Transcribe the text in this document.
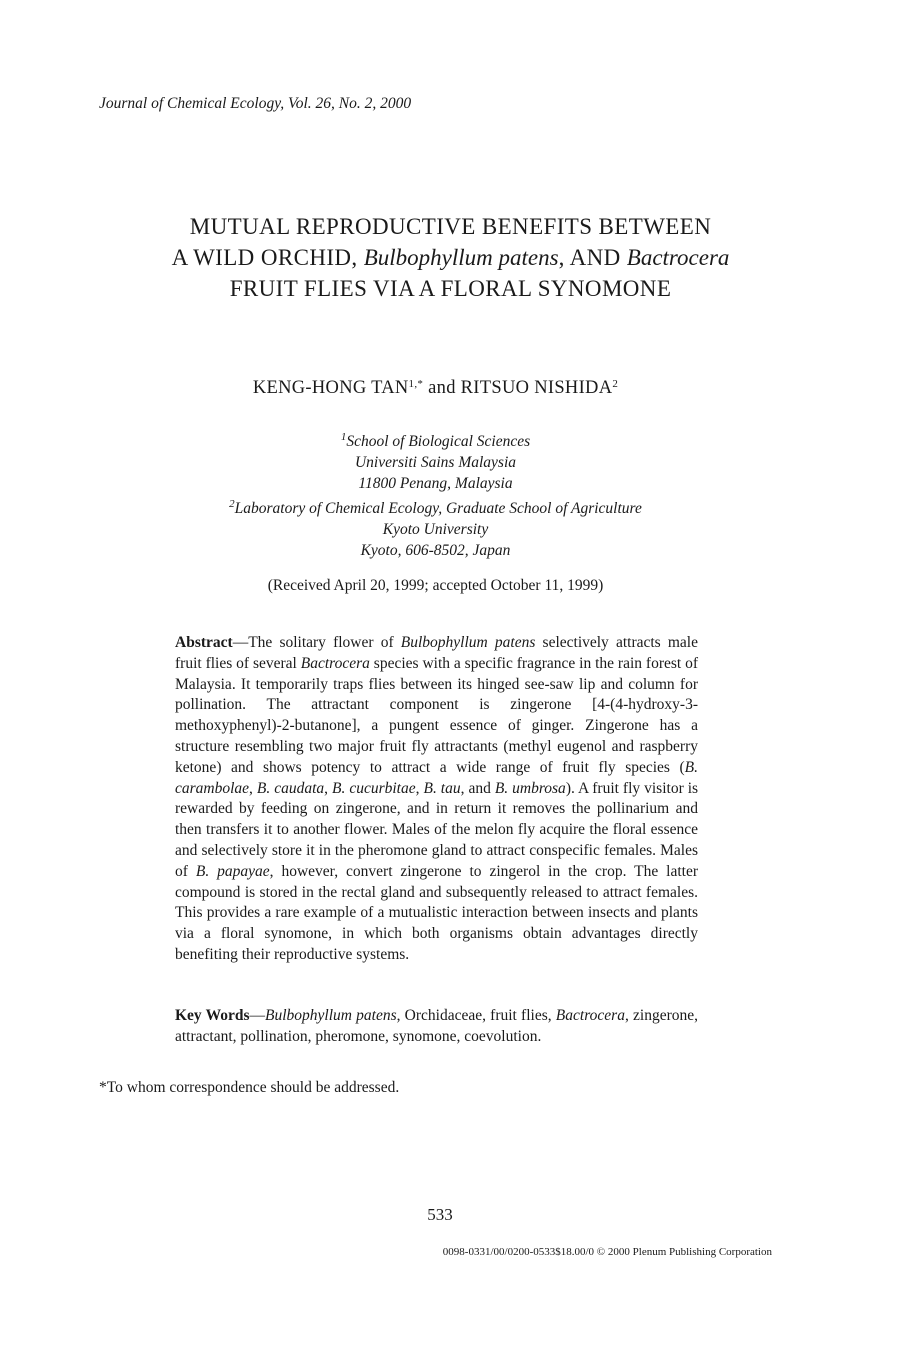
Journal of Chemical Ecology, Vol. 26, No. 2, 2000

MUTUAL REPRODUCTIVE BENEFITS BETWEEN
A WILD ORCHID, Bulbophyllum patens, AND Bactrocera
FRUIT FLIES VIA A FLORAL SYNOMONE

KENG-HONG $TAN^{1,*}$ and RITSUO NISHIDA$^2$

$^1$School of Biological Sciences
Universiti Sains Malaysia
11800 Penang, Malaysia
$^2$Laboratory of Chemical Ecology, Graduate School of Agriculture
Kyoto University
Kyoto, 606-8502, Japan

(Received April 20, 1999; accepted October 11, 1999)

Abstract—The solitary flower of Bulbophyllum patens selectively attracts male fruit flies of several Bactrocera species with a specific fragrance in the rain forest of Malaysia. It temporarily traps flies between its hinged see-saw lip and column for pollination. The attractant component is zingerone [4-(4-hydroxy-3-methoxyphenyl)-2-butanone], a pungent essence of ginger. Zingerone has a structure resembling two major fruit fly attractants (methyl eugenol and raspberry ketone) and shows potency to attract a wide range of fruit fly species (B. carambolae, B. caudata, B. cucurbitae, B. tau, and B. umbrosa). A fruit fly visitor is rewarded by feeding on zingerone, and in return it removes the pollinarium and then transfers it to another flower. Males of the melon fly acquire the floral essence and selectively store it in the pheromone gland to attract conspecific females. Males of B. papayae, however, convert zingerone to zingerol in the crop. The latter compound is stored in the rectal gland and subsequently released to attract females. This provides a rare example of a mutualistic interaction between insects and plants via a floral synomone, in which both organisms obtain advantages directly benefiting their reproductive systems.

Key Words—Bulbophyllum patens, Orchidaceae, fruit flies, Bactrocera, zingerone, attractant, pollination, pheromone, synomone, coevolution.

*To whom correspondence should be addressed.

533

0098-0331/00/0200-0533$18.00/0 © 2000 Plenum Publishing Corporation
